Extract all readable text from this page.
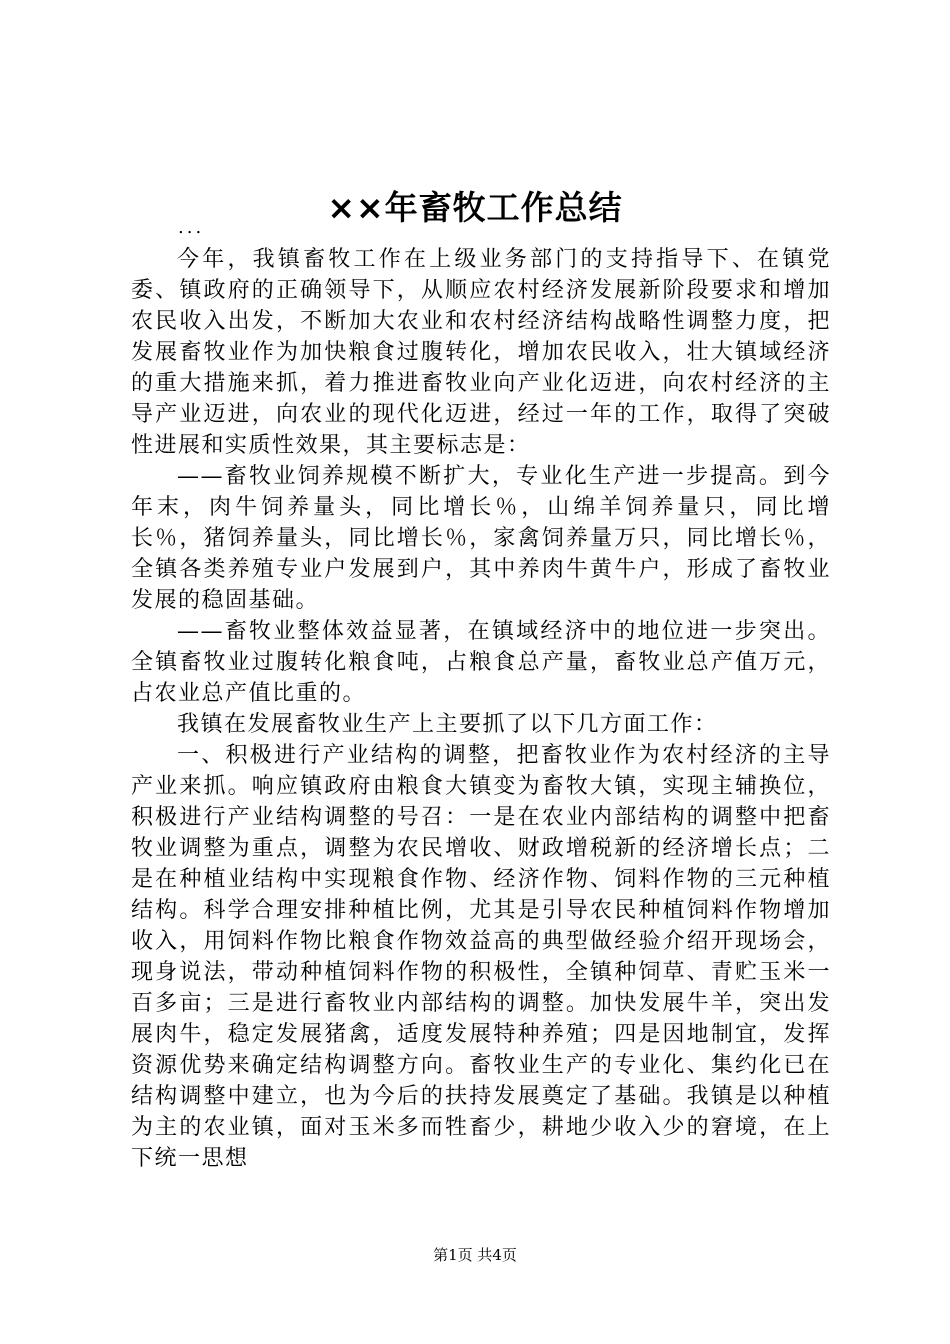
××年畜牧工作总结
...

今年，我镇畜牧工作在上级业务部门的支持指导下、在镇党委、镇政府的正确领导下，从顺应农村经济发展新阶段要求和增加农民收入出发，不断加大农业和农村经济结构战略性调整力度，把发展畜牧业作为加快粮食过腹转化，增加农民收入，壮大镇域经济的重大措施来抓，着力推进畜牧业向产业化迈进，向农村经济的主导产业迈进，向农业的现代化迈进，经过一年的工作，取得了突破性进展和实质性效果，其主要标志是：

——畜牧业饲养规模不断扩大，专业化生产进一步提高。到今年末，肉牛饲养量头，同比增长％，山绵羊饲养量只，同比增长％，猪饲养量头，同比增长％，家禽饲养量万只，同比增长％，全镇各类养殖专业户发展到户，其中养肉牛黄牛户，形成了畜牧业发展的稳固基础。

——畜牧业整体效益显著，在镇域经济中的地位进一步突出。全镇畜牧业过腹转化粮食吨，占粮食总产量，畜牧业总产值万元，占农业总产值比重的。

我镇在发展畜牧业生产上主要抓了以下几方面工作：

一、积极进行产业结构的调整，把畜牧业作为农村经济的主导产业来抓。响应镇政府由粮食大镇变为畜牧大镇，实现主辅换位，积极进行产业结构调整的号召：一是在农业内部结构的调整中把畜牧业调整为重点，调整为农民增收、财政增税新的经济增长点；二是在种植业结构中实现粮食作物、经济作物、饲料作物的三元种植结构。科学合理安排种植比例，尤其是引导农民种植饲料作物增加收入，用饲料作物比粮食作物效益高的典型做经验介绍开现场会，现身说法，带动种植饲料作物的积极性，全镇种饲草、青贮玉米一百多亩；三是进行畜牧业内部结构的调整。加快发展牛羊，突出发展肉牛，稳定发展猪禽，适度发展特种养殖；四是因地制宜，发挥资源优势来确定结构调整方向。畜牧业生产的专业化、集约化已在结构调整中建立，也为今后的扶持发展奠定了基础。我镇是以种植为主的农业镇，面对玉米多而牲畜少，耕地少收入少的窘境，在上下统一思想

第1页 共4页
